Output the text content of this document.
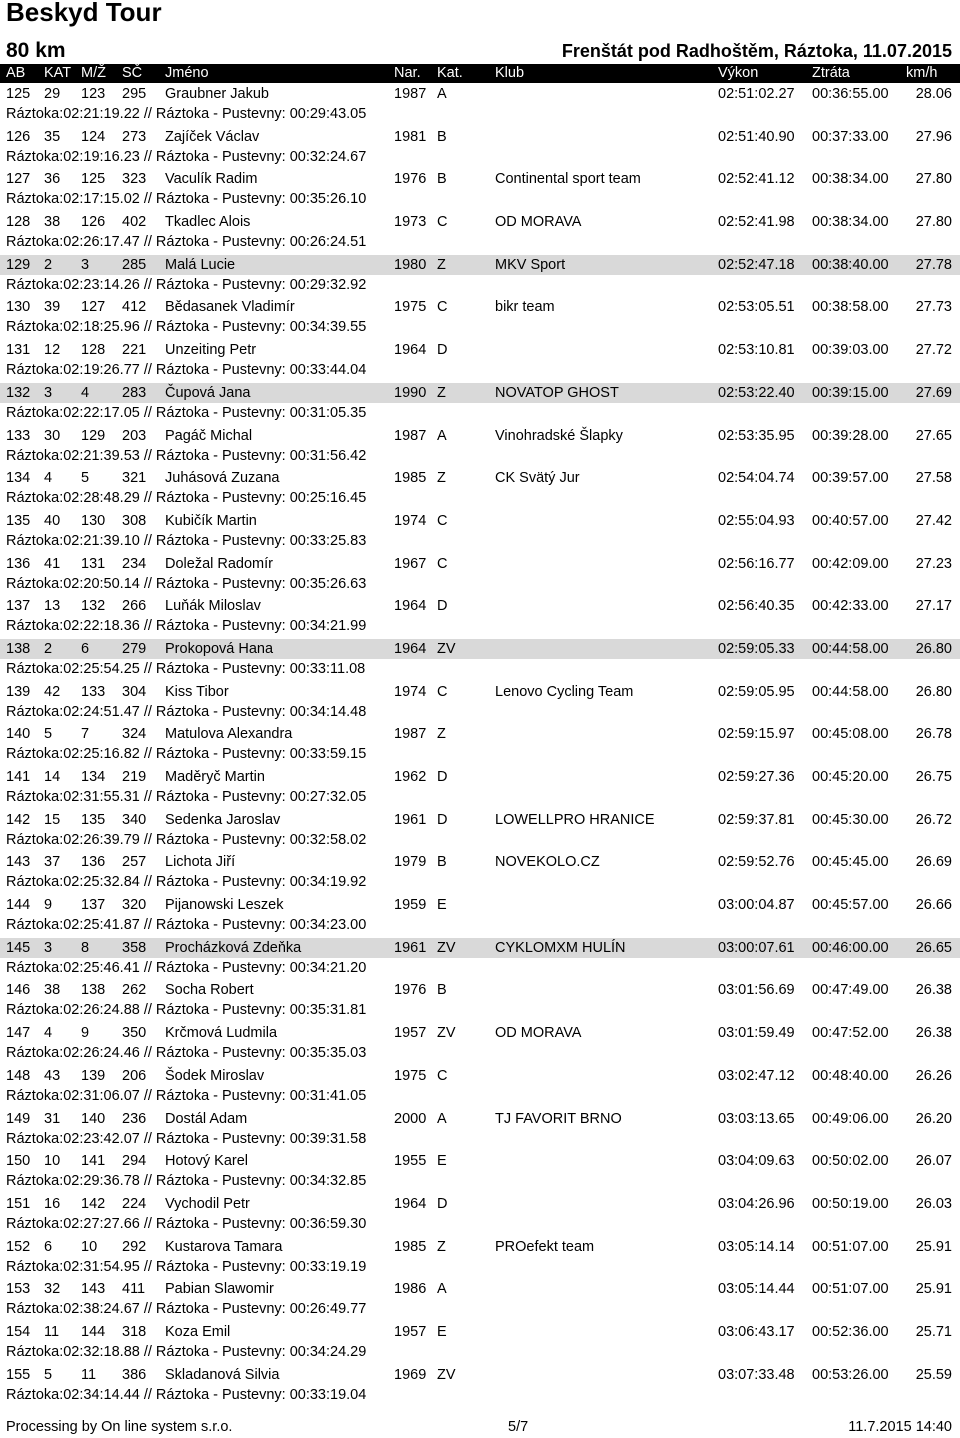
Beskyd Tour
80 km	Frenštát pod Radhoštěm, Ráztoka, 11.07.2015
AB KAT M/Ž SČ Jméno	Nar. Kat. Klub	Výkon	Ztráta	km/h
125 29 123 295 Graubner Jakub	1987 A	02:51:02.27 00:36:55.00 28.06
Ráztoka:02:21:19.22 // Ráztoka - Pustevny: 00:29:43.05
126 35 124 273 Zajíček Václav	1981 B	02:51:40.90 00:37:33.00 27.96
Ráztoka:02:19:16.23 // Ráztoka - Pustevny: 00:32:24.67
127 36 125 323 Vaculík Radim	1976 B	Continental sport team	02:52:41.12 00:38:34.00 27.80
Ráztoka:02:17:15.02 // Ráztoka - Pustevny: 00:35:26.10
128 38 126 402 Tkadlec Alois	1973 C	OD MORAVA	02:52:41.98 00:38:34.00 27.80
Ráztoka:02:26:17.47 // Ráztoka - Pustevny: 00:26:24.51
129 2 3 285 Malá Lucie	1980 Z	MKV Sport	02:52:47.18 00:38:40.00 27.78
Ráztoka:02:23:14.26 // Ráztoka - Pustevny: 00:29:32.92
130 39 127 412 Bědasanek Vladimír	1975 C	bikr team	02:53:05.51 00:38:58.00 27.73
Ráztoka:02:18:25.96 // Ráztoka - Pustevny: 00:34:39.55
131 12 128 221 Unzeiting Petr	1964 D	02:53:10.81 00:39:03.00 27.72
Ráztoka:02:19:26.77 // Ráztoka - Pustevny: 00:33:44.04
132 3 4 283 Čupová Jana	1990 Z	NOVATOP GHOST	02:53:22.40 00:39:15.00 27.69
Ráztoka:02:22:17.05 // Ráztoka - Pustevny: 00:31:05.35
133 30 129 203 Pagáč Michal	1987 A	Vinohradské Šlapky	02:53:35.95 00:39:28.00 27.65
Ráztoka:02:21:39.53 // Ráztoka - Pustevny: 00:31:56.42
134 4 5 321 Juhásová Zuzana	1985 Z	CK Svätý Jur	02:54:04.74 00:39:57.00 27.58
Ráztoka:02:28:48.29 // Ráztoka - Pustevny: 00:25:16.45
135 40 130 308 Kubičík Martin	1974 C	02:55:04.93 00:40:57.00 27.42
Ráztoka:02:21:39.10 // Ráztoka - Pustevny: 00:33:25.83
136 41 131 234 Doležal Radomír	1967 C	02:56:16.77 00:42:09.00 27.23
Ráztoka:02:20:50.14 // Ráztoka - Pustevny: 00:35:26.63
137 13 132 266 Luňák Miloslav	1964 D	02:56:40.35 00:42:33.00 27.17
Ráztoka:02:22:18.36 // Ráztoka - Pustevny: 00:34:21.99
138 2 6 279 Prokopová Hana	1964 ZV	02:59:05.33 00:44:58.00 26.80
Ráztoka:02:25:54.25 // Ráztoka - Pustevny: 00:33:11.08
139 42 133 304 Kiss Tibor	1974 C	Lenovo Cycling Team	02:59:05.95 00:44:58.00 26.80
Ráztoka:02:24:51.47 // Ráztoka - Pustevny: 00:34:14.48
140 5 7 324 Matulova Alexandra	1987 Z	02:59:15.97 00:45:08.00 26.78
Ráztoka:02:25:16.82 // Ráztoka - Pustevny: 00:33:59.15
141 14 134 219 Maděryč Martin	1962 D	02:59:27.36 00:45:20.00 26.75
Ráztoka:02:31:55.31 // Ráztoka - Pustevny: 00:27:32.05
142 15 135 340 Sedenka Jaroslav	1961 D	LOWELLPRO HRANICE	02:59:37.81 00:45:30.00 26.72
Ráztoka:02:26:39.79 // Ráztoka - Pustevny: 00:32:58.02
143 37 136 257 Lichota Jiří	1979 B	NOVEKOLO.CZ	02:59:52.76 00:45:45.00 26.69
Ráztoka:02:25:32.84 // Ráztoka - Pustevny: 00:34:19.92
144 9 137 320 Pijanowski Leszek	1959 E	03:00:04.87 00:45:57.00 26.66
Ráztoka:02:25:41.87 // Ráztoka - Pustevny: 00:34:23.00
145 3 8 358 Procházková Zdeňka	1961 ZV	CYKLOMXM HULÍN	03:00:07.61 00:46:00.00 26.65
Ráztoka:02:25:46.41 // Ráztoka - Pustevny: 00:34:21.20
146 38 138 262 Socha Robert	1976 B	03:01:56.69 00:47:49.00 26.38
Ráztoka:02:26:24.88 // Ráztoka - Pustevny: 00:35:31.81
147 4 9 350 Krčmová Ludmila	1957 ZV	OD MORAVA	03:01:59.49 00:47:52.00 26.38
Ráztoka:02:26:24.46 // Ráztoka - Pustevny: 00:35:35.03
148 43 139 206 Šodek Miroslav	1975 C	03:02:47.12 00:48:40.00 26.26
Ráztoka:02:31:06.07 // Ráztoka - Pustevny: 00:31:41.05
149 31 140 236 Dostál Adam	2000 A	TJ FAVORIT BRNO	03:03:13.65 00:49:06.00 26.20
Ráztoka:02:23:42.07 // Ráztoka - Pustevny: 00:39:31.58
150 10 141 294 Hotový Karel	1955 E	03:04:09.63 00:50:02.00 26.07
Ráztoka:02:29:36.78 // Ráztoka - Pustevny: 00:34:32.85
151 16 142 224 Vychodil Petr	1964 D	03:04:26.96 00:50:19.00 26.03
Ráztoka:02:27:27.66 // Ráztoka - Pustevny: 00:36:59.30
152 6 10 292 Kustarova Tamara	1985 Z	PROefekt team	03:05:14.14 00:51:07.00 25.91
Ráztoka:02:31:54.95 // Ráztoka - Pustevny: 00:33:19.19
153 32 143 411 Pabian Slawomir	1986 A	03:05:14.44 00:51:07.00 25.91
Ráztoka:02:38:24.67 // Ráztoka - Pustevny: 00:26:49.77
154 11 144 318 Koza Emil	1957 E	03:06:43.17 00:52:36.00 25.71
Ráztoka:02:32:18.88 // Ráztoka - Pustevny: 00:34:24.29
155 5 11 386 Skladanová Silvia	1969 ZV	03:07:33.48 00:53:26.00 25.59
Ráztoka:02:34:14.44 // Ráztoka - Pustevny: 00:33:19.04
Processing by On line system s.r.o.	5/7	11.7.2015 14:40
